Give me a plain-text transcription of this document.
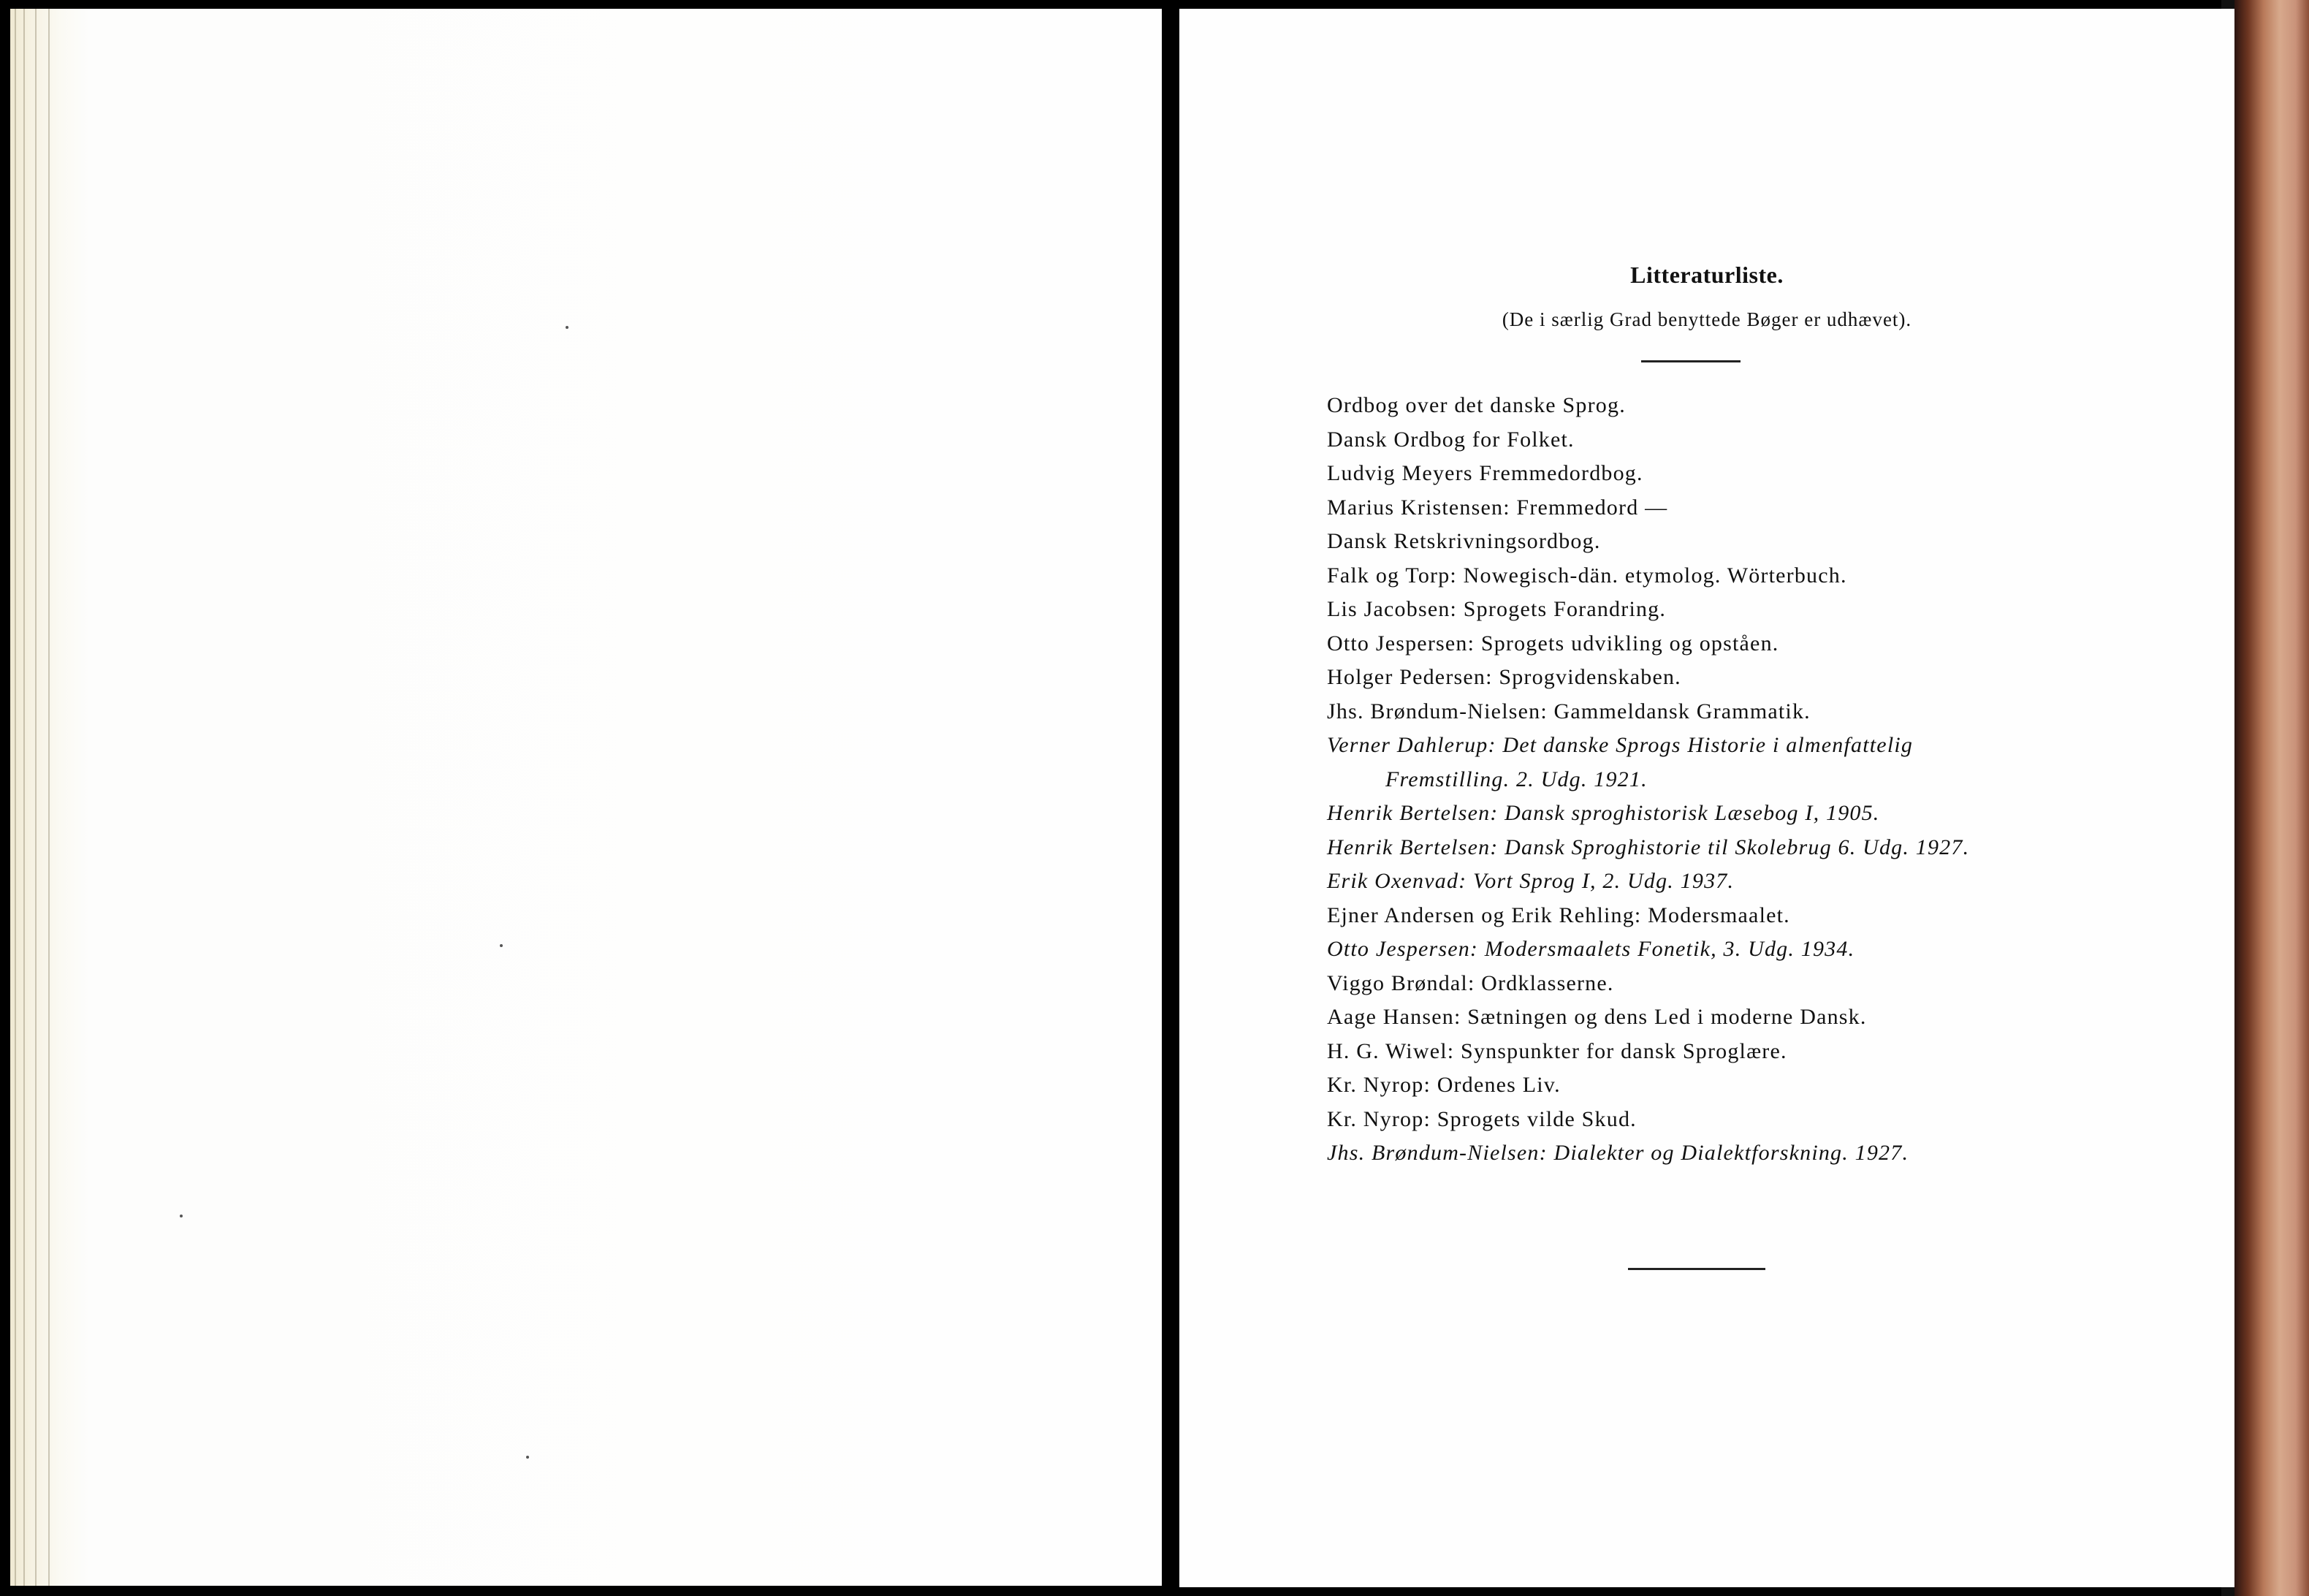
Litteraturliste.

(De i særlig Grad benyttede Bøger er udhævet).

Ordbog over det danske Sprog.
Dansk Ordbog for Folket.
Ludvig Meyers Fremmedordbog.
Marius Kristensen: Fremmedord —
Dansk Retskrivningsordbog.
Falk og Torp: Nowegisch-dän. etymolog. Wörterbuch.
Lis Jacobsen: Sprogets Forandring.
Otto Jespersen: Sprogets udvikling og opståen.
Holger Pedersen: Sprogvidenskaben.
Jhs. Brøndum-Nielsen: Gammeldansk Grammatik.
Verner Dahlerup: Det danske Sprogs Historie i almenfattelig
Fremstilling. 2. Udg. 1921.
Henrik Bertelsen: Dansk sproghistorisk Læsebog I, 1905.
Henrik Bertelsen: Dansk Sproghistorie til Skolebrug 6. Udg. 1927.
Erik Oxenvad: Vort Sprog I, 2. Udg. 1937.
Ejner Andersen og Erik Rehling: Modersmaalet.
Otto Jespersen: Modersmaalets Fonetik, 3. Udg. 1934.
Viggo Brøndal: Ordklasserne.
Aage Hansen: Sætningen og dens Led i moderne Dansk.
H. G. Wiwel: Synspunkter for dansk Sproglære.
Kr. Nyrop: Ordenes Liv.
Kr. Nyrop: Sprogets vilde Skud.
Jhs. Brøndum-Nielsen: Dialekter og Dialektforskning. 1927.
